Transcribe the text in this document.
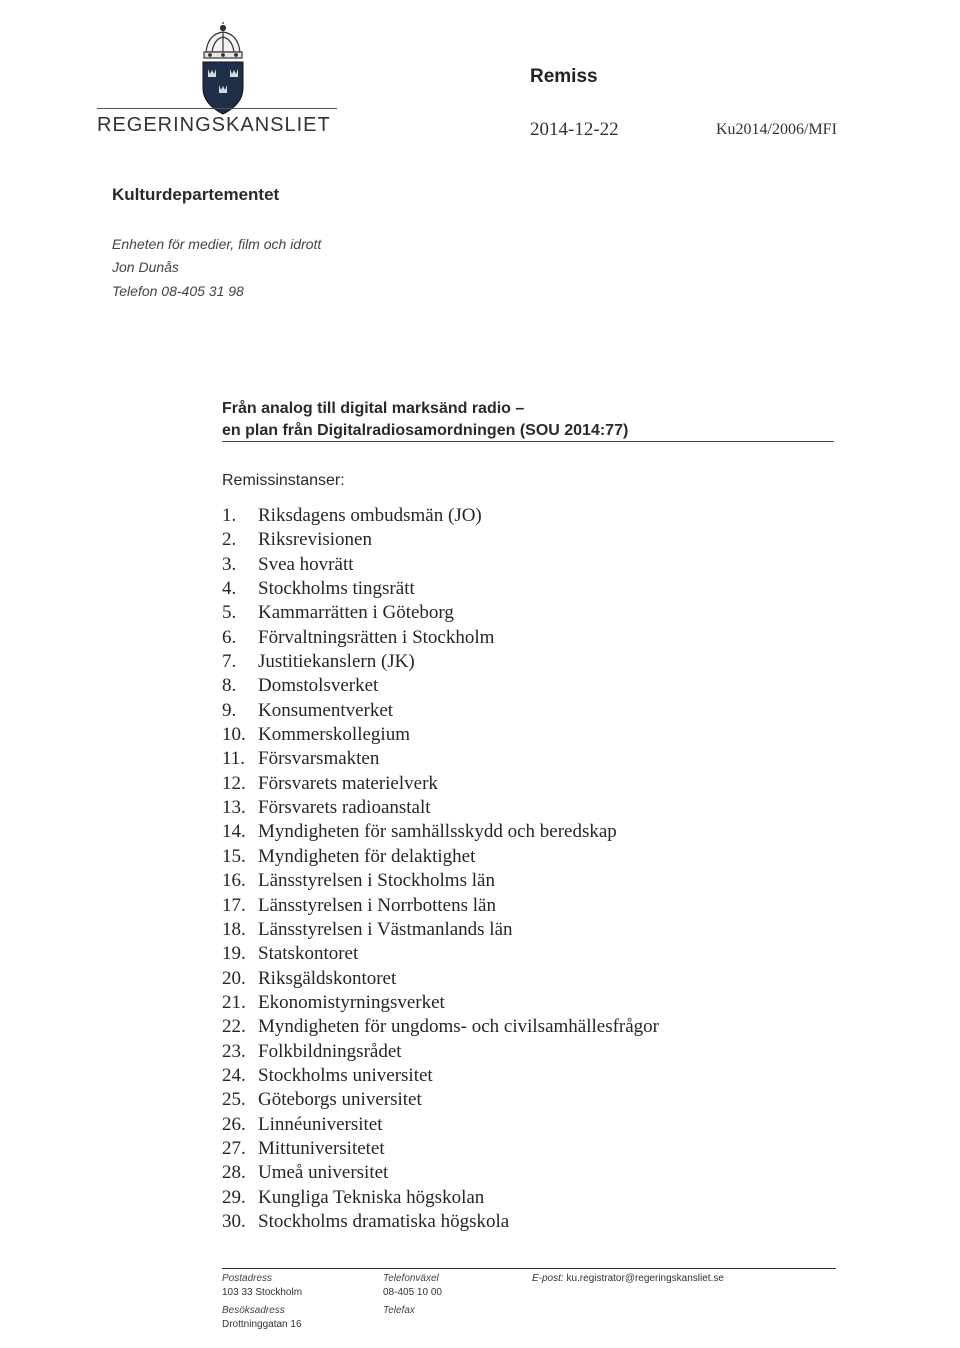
REGERINGSKANSLIET
Remiss
2014-12-22	Ku2014/2006/MFI
Kulturdepartementet
Enheten för medier, film och idrott
Jon Dunås
Telefon 08-405 31 98
Från analog till digital marksänd radio –
en plan från Digitalradiosamordningen (SOU 2014:77)
Remissinstanser:
1. Riksdagens ombudsmän (JO)
2. Riksrevisionen
3. Svea hovrätt
4. Stockholms tingsrätt
5. Kammarrätten i Göteborg
6. Förvaltningsrätten i Stockholm
7. Justitiekanslern (JK)
8. Domstolsverket
9. Konsumentverket
10. Kommerskollegium
11. Försvarsmakten
12. Försvarets materielverk
13. Försvarets radioanstalt
14. Myndigheten för samhällsskydd och beredskap
15. Myndigheten för delaktighet
16. Länsstyrelsen i Stockholms län
17. Länsstyrelsen i Norrbottens län
18. Länsstyrelsen i Västmanlands län
19. Statskontoret
20. Riksgäldskontoret
21. Ekonomistyrningsverket
22. Myndigheten för ungdoms- och civilsamhällesfrågor
23. Folkbildningsrådet
24. Stockholms universitet
25. Göteborgs universitet
26. Linnéuniversitet
27. Mittuniversitetet
28. Umeå universitet
29. Kungliga Tekniska högskolan
30. Stockholms dramatiska högskola
Postadress
103 33 Stockholm
Besöksadress
Drottninggatan 16
Telefonväxel
08-405 10 00
Telefax
E-post: ku.registrator@regeringskansliet.se
